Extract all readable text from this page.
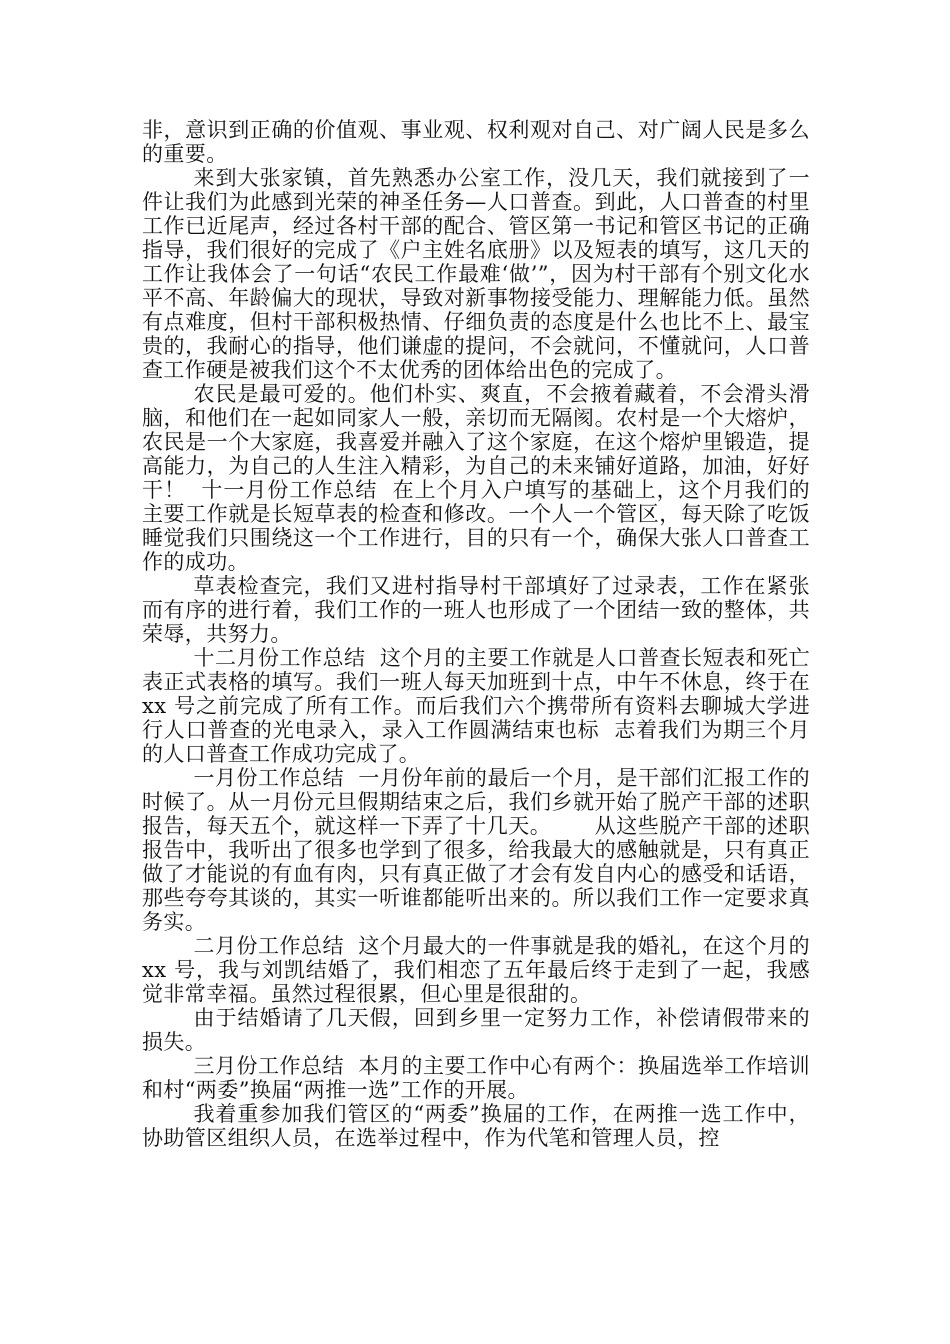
非，意识到正确的价值观、事业观、权利观对自己、对广阔人民是多么的重要。

来到大张家镇，首先熟悉办公室工作，没几天，我们就接到了一件让我们为此感到光荣的神圣任务—人口普查。到此，人口普查的村里工作已近尾声，经过各村干部的配合、管区第一书记和管区书记的正确指导，我们很好的完成了《户主姓名底册》以及短表的填写，这几天的工作让我体会了一句话“农民工作最难‘做’”，因为村干部有个别文化水平不高、年龄偏大的现状，导致对新事物接受能力、理解能力低。虽然有点难度，但村干部积极热情、仔细负责的态度是什么也比不上、最宝贵的，我耐心的指导，他们谦虚的提问，不会就问，不懂就问，人口普查工作硬是被我们这个不太优秀的团体给出色的完成了。

农民是最可爱的。他们朴实、爽直，不会掖着藏着，不会滑头滑脑，和他们在一起如同家人一般，亲切而无隔阂。农村是一个大熔炉，农民是一个大家庭，我喜爱并融入了这个家庭，在这个熔炉里锻造，提高能力，为自己的人生注入精彩，为自己的未来铺好道路，加油，好好干！  十一月份工作总结  在上个月入户填写的基础上，这个月我们的主要工作就是长短草表的检查和修改。一个人一个管区，每天除了吃饭睡觉我们只围绕这一个工作进行，目的只有一个，确保大张人口普查工作的成功。

草表检查完，我们又进村指导村干部填好了过录表，工作在紧张而有序的进行着，我们工作的一班人也形成了一个团结一致的整体，共荣辱，共努力。

十二月份工作总结  这个月的主要工作就是人口普查长短表和死亡表正式表格的填写。我们一班人每天加班到十点，中午不休息，终于在 xx 号之前完成了所有工作。而后我们六个携带所有资料去聊城大学进行人口普查的光电录入，录入工作圆满结束也标  志着我们为期三个月的人口普查工作成功完成了。

一月份工作总结  一月份年前的最后一个月，是干部们汇报工作的时候了。从一月份元旦假期结束之后，我们乡就开始了脱产干部的述职报告，每天五个，就这样一下弄了十几天。      从这些脱产干部的述职报告中，我听出了很多也学到了很多，给我最大的感触就是，只有真正做了才能说的有血有肉，只有真正做了才会有发自内心的感受和话语，那些夸夸其谈的，其实一听谁都能听出来的。所以我们工作一定要求真务实。

二月份工作总结  这个月最大的一件事就是我的婚礼，在这个月的 xx 号，我与刘凯结婚了，我们相恋了五年最后终于走到了一起，我感觉非常幸福。虽然过程很累，但心里是很甜的。

由于结婚请了几天假，回到乡里一定努力工作，补偿请假带来的损失。

三月份工作总结  本月的主要工作中心有两个：换届选举工作培训和村“两委”换届“两推一选”工作的开展。

我着重参加我们管区的“两委”换届的工作，在两推一选工作中，协助管区组织人员，在选举过程中，作为代笔和管理人员，控
